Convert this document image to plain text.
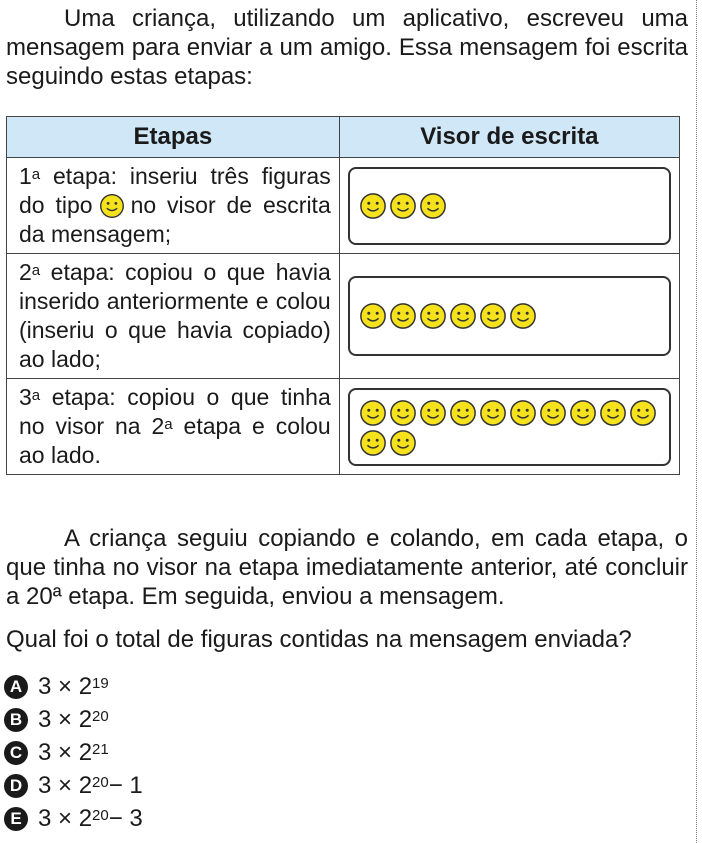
Uma criança, utilizando um aplicativo, escreveu uma mensagem para enviar a um amigo. Essa mensagem foi escrita seguindo estas etapas:

Etapas	Visor de escrita
1$^a$ etapa: inseriu três figuras do tipo no visor de escrita da mensagem;	

2$^a$ etapa: copiou o que havia inserido anteriormente e colou (inseriu o que havia copiado) ao lado;	

3$^a$ etapa: copiou o que tinha no visor na 2$^a$ etapa e colou ao lado.	

A criança seguiu copiando e colando, em cada etapa, o que tinha no visor na etapa imediatamente anterior, até concluir a 20ª etapa. Em seguida, enviou a mensagem.

Qual foi o total de figuras contidas na mensagem enviada?

A $3 \times 2^{19}$
B $3 \times 2^{20}$
C $3 \times 2^{21}$
D $3 \times 2^{20} - 1$
E $3 \times 2^{20} - 3$
